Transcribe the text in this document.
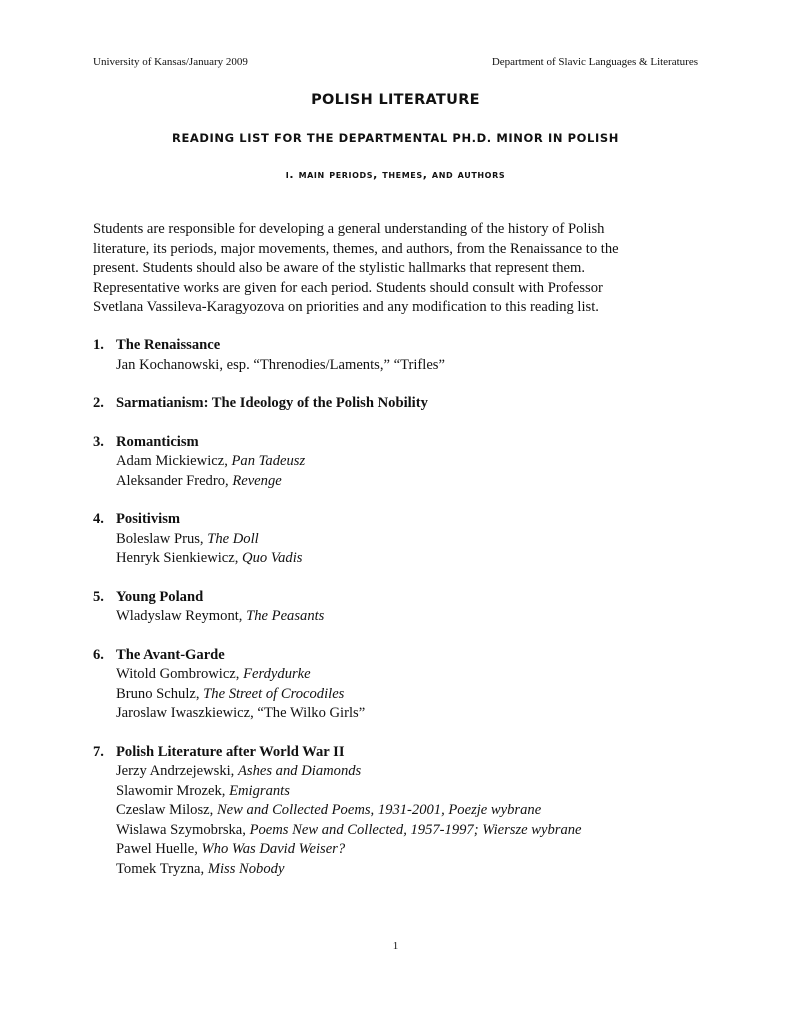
University of Kansas/January 2009	Department of Slavic Languages & Literatures
POLISH LITERATURE
READING LIST FOR THE DEPARTMENTAL PH.D. MINOR IN POLISH
i. main periods, themes, and authors
Students are responsible for developing a general understanding of the history of Polish
literature, its periods, major movements, themes, and authors, from the Renaissance to the
present. Students should also be aware of the stylistic hallmarks that represent them.
Representative works are given for each period. Students should consult with Professor
Svetlana Vassileva-Karagyozova on priorities and any modification to this reading list.
1. The Renaissance
Jan Kochanowski, esp. “Threnodies/Laments,” “Trifles”
2. Sarmatianism: The Ideology of the Polish Nobility
3. Romanticism
Adam Mickiewicz, Pan Tadeusz
Aleksander Fredro, Revenge
4. Positivism
Boleslaw Prus, The Doll
Henryk Sienkiewicz, Quo Vadis
5. Young Poland
Wladyslaw Reymont, The Peasants
6. The Avant-Garde
Witold Gombrowicz, Ferdydurke
Bruno Schulz, The Street of Crocodiles
Jaroslaw Iwaszkiewicz, “The Wilko Girls”
7. Polish Literature after World War II
Jerzy Andrzejewski, Ashes and Diamonds
Slawomir Mrozek, Emigrants
Czeslaw Milosz, New and Collected Poems, 1931-2001, Poezje wybrane
Wislawa Szymobrska, Poems New and Collected, 1957-1997; Wiersze wybrane
Pawel Huelle, Who Was David Weiser?
Tomek Tryzna, Miss Nobody
1
